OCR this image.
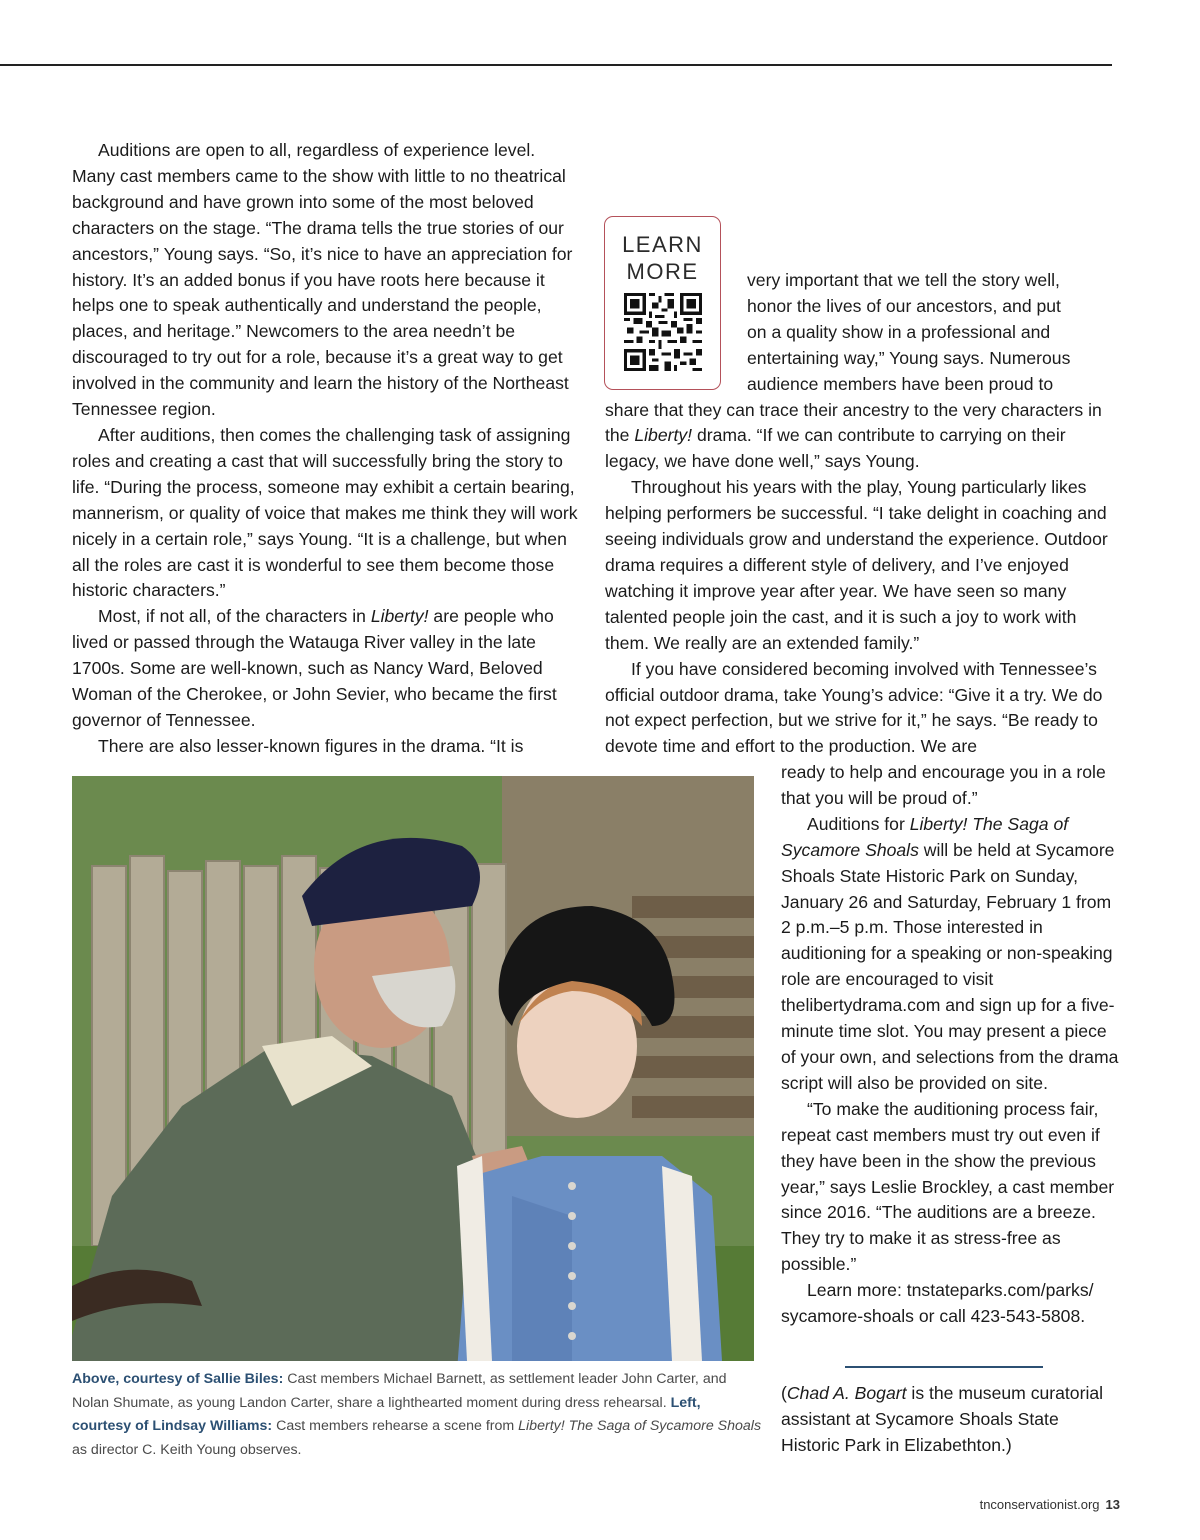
Auditions are open to all, regardless of experience level. Many cast members came to the show with little to no theatrical background and have grown into some of the most beloved characters on the stage. “The drama tells the true stories of our ancestors,” Young says. “So, it’s nice to have an appreciation for history. It’s an added bonus if you have roots here because it helps one to speak authentically and understand the people, places, and heritage.” Newcomers to the area needn’t be discouraged to try out for a role, because it’s a great way to get involved in the community and learn the history of the Northeast Tennessee region.

After auditions, then comes the challenging task of assigning roles and creating a cast that will successfully bring the story to life. “During the process, someone may exhibit a certain bearing, mannerism, or quality of voice that makes me think they will work nicely in a certain role,” says Young. “It is a challenge, but when all the roles are cast it is wonderful to see them become those historic characters.”

Most, if not all, of the characters in Liberty! are people who lived or passed through the Watauga River valley in the late 1700s. Some are well-known, such as Nancy Ward, Beloved Woman of the Cherokee, or John Sevier, who became the first governor of Tennessee.

There are also lesser-known figures in the drama. “It is

LEARN
MORE	very important that we tell the story well,

honor the lives of our ancestors, and put

on a quality show in a professional and

entertaining way,” Young says. Numerous

audience members have been proud to

share that they can trace their ancestry to the very characters in the Liberty! drama. “If we can contribute to carrying on their legacy, we have done well,” says Young.

Throughout his years with the play, Young particularly likes helping performers be successful. “I take delight in coaching and seeing individuals grow and understand the experience. Outdoor drama requires a different style of delivery, and I’ve enjoyed watching it improve year after year. We have seen so many talented people join the cast, and it is such a joy to work with them. We really are an extended family.”

If you have considered becoming involved with Tennessee’s official outdoor drama, take Young’s advice: “Give it a try. We do not expect perfection, but we strive for it,” he says. “Be ready to devote time and effort to the production. We are

ready to help and encourage you in a role that you will be proud of.”

Auditions for Liberty! The Saga of Sycamore Shoals will be held at Sycamore Shoals State Historic Park on Sunday, January 26 and Saturday, February 1 from 2 p.m.–5 p.m. Those interested in auditioning for a speaking or non-speaking role are encouraged to visit thelibertydrama.com and sign up for a five-minute time slot. You may present a piece of your own, and selections from the drama script will also be provided on site.

“To make the auditioning process fair, repeat cast members must try out even if they have been in the show the previous year,” says Leslie Brockley, a cast member since 2016. “The auditions are a breeze. They try to make it as stress-free as possible.”

Learn more: tnstateparks.com/parks/ sycamore-shoals or call 423-543-5808.

Above, courtesy of Sallie Biles: Cast members Michael Barnett, as settlement leader John Carter, and Nolan Shumate, as young Landon Carter, share a lighthearted moment during dress rehearsal. Left, courtesy of Lindsay Williams: Cast members rehearse a scene from Liberty! The Saga of Sycamore Shoals as director C. Keith Young observes.
(Chad A. Bogart is the museum curatorial assistant at Sycamore Shoals State Historic Park in Elizabethton.)
tnconservationist.org 13
